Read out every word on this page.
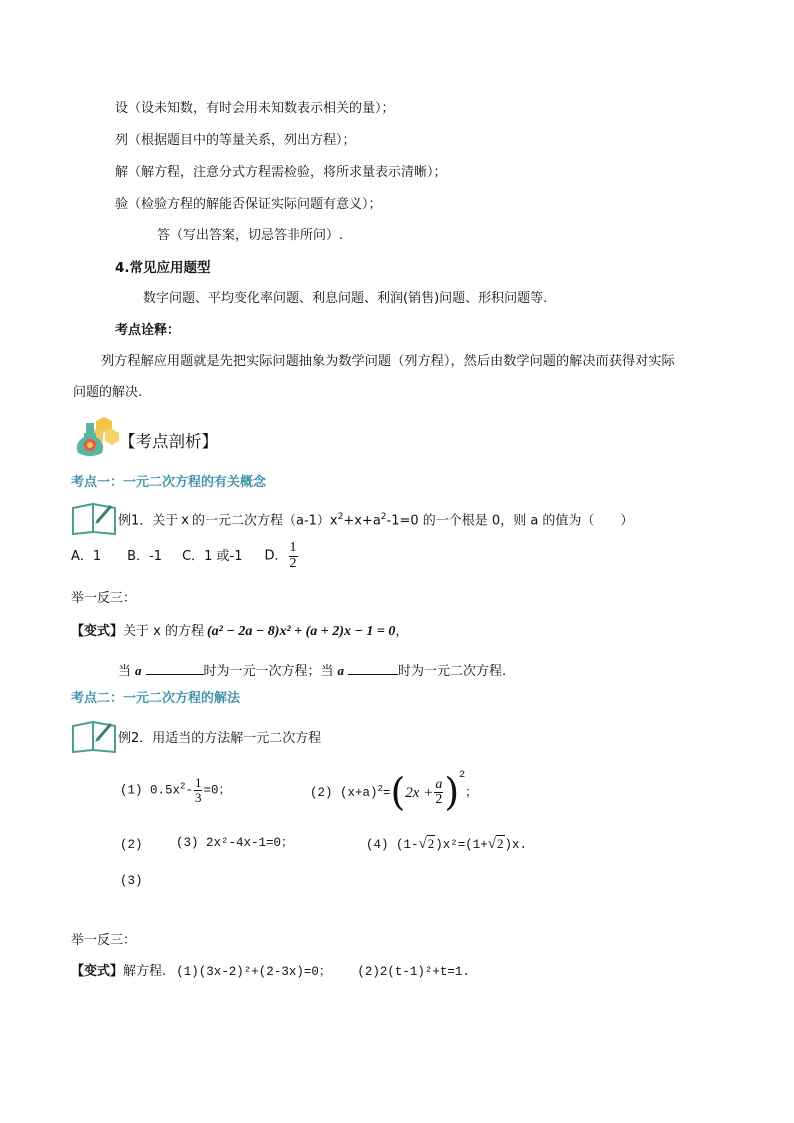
设（设未知数，有时会用未知数表示相关的量）；
列（根据题目中的等量关系，列出方程）；
解（解方程，注意分式方程需检验，将所求量表示清晰）；
验（检验方程的解能否保证实际问题有意义）；
答（写出答案，切忌答非所问）.
4.常见应用题型
数字问题、平均变化率问题、利息问题、利润(销售)问题、形积问题等.
考点诠释：
列方程解应用题就是先把实际问题抽象为数学问题（列方程），然后由数学问题的解决而获得对实际
问题的解决.
【考点剖析】
考点一：一元二次方程的有关概念
例1．关于 x 的一元二次方程$(a-1)x^2+x+a^2-1=0$ 的一个根是 0，则 a 的值为（　　）
A．1 B．-1 C．1 或-1 D． $\frac{1}{2}$
举一反三：
【变式】关于 x 的方程 (a² − 2a − 8)x² + (a + 2)x − 1 = 0，
当 a	时为一元一次方程；当 a	时为一元二次方程.
考点二：一元二次方程的解法
例2．用适当的方法解一元二次方程
(1) $0.5x^2- \frac{1}{3} =0$；	(2) $(x+a)^2=(2x + \frac{a}{2} )^2$；
(2)	(3) 2x²-4x-1=0；	(4) (1-√2)x²=(1+√2)x.
(3)
举一反三：
【变式】解方程. (1)(3x-2)²+(2-3x)=0； (2)2(t-1)²+t=1.
